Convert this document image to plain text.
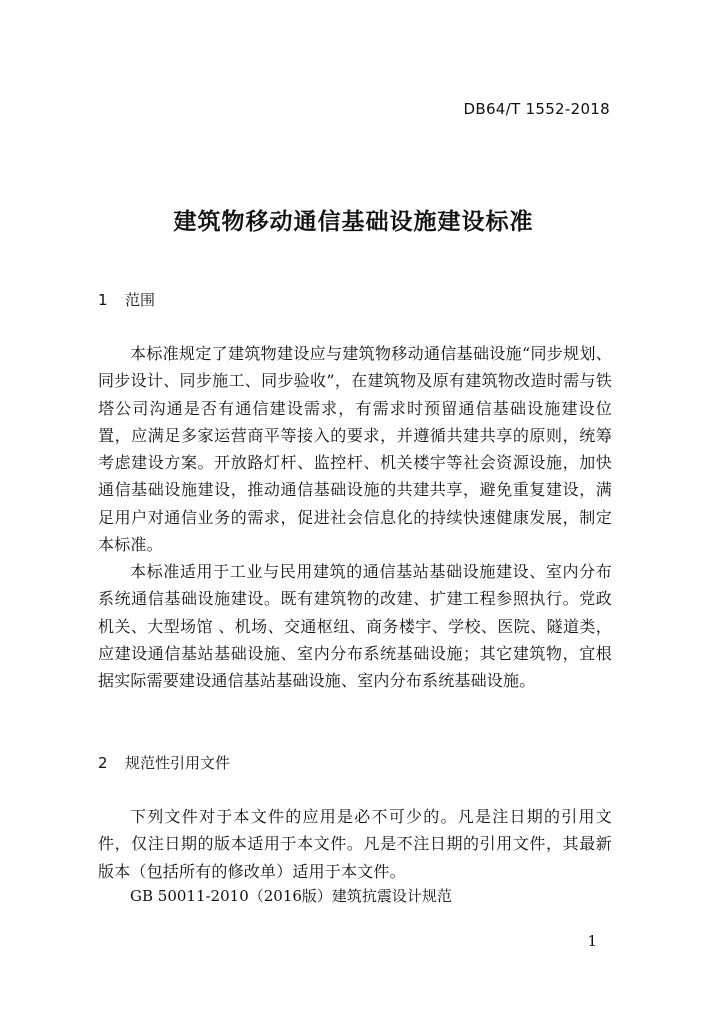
DB64/T 1552-2018
建筑物移动通信基础设施建设标准
1 范围
本标准规定了建筑物建设应与建筑物移动通信基础设施“同步规划、同步设计、同步施工、同步验收”，在建筑物及原有建筑物改造时需与铁塔公司沟通是否有通信建设需求，有需求时预留通信基础设施建设位置，应满足多家运营商平等接入的要求，并遵循共建共享的原则，统筹考虑建设方案。开放路灯杆、监控杆、机关楼宇等社会资源设施，加快通信基础设施建设，推动通信基础设施的共建共享，避免重复建设，满足用户对通信业务的需求，促进社会信息化的持续快速健康发展，制定本标准。
本标准适用于工业与民用建筑的通信基站基础设施建设、室内分布系统通信基础设施建设。既有建筑物的改建、扩建工程参照执行。党政机关、大型场馆 、机场、交通枢纽、商务楼宇、学校、医院、隧道类，应建设通信基站基础设施、室内分布系统基础设施；其它建筑物，宜根据实际需要建设通信基站基础设施、室内分布系统基础设施。
2 规范性引用文件
下列文件对于本文件的应用是必不可少的。凡是注日期的引用文件，仅注日期的版本适用于本文件。凡是不注日期的引用文件，其最新版本（包括所有的修改单）适用于本文件。
GB 50011-2010（2016版）建筑抗震设计规范
1
